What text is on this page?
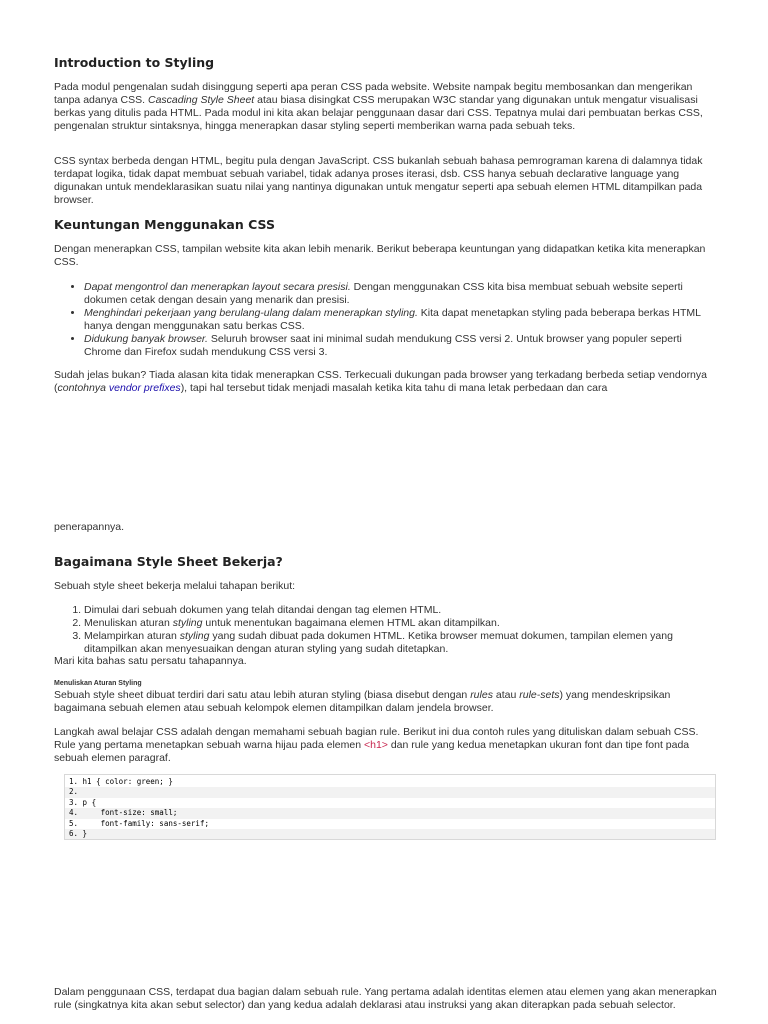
Introduction to Styling

Pada modul pengenalan sudah disinggung seperti apa peran CSS pada website. Website nampak begitu membosankan dan mengerikan tanpa adanya CSS. Cascading Style Sheet atau biasa disingkat CSS merupakan W3C standar yang digunakan untuk mengatur visualisasi berkas yang ditulis pada HTML. Pada modul ini kita akan belajar penggunaan dasar dari CSS. Tepatnya mulai dari pembuatan berkas CSS, pengenalan struktur sintaksnya, hingga menerapkan dasar styling seperti memberikan warna pada sebuah teks.

CSS syntax berbeda dengan HTML, begitu pula dengan JavaScript. CSS bukanlah sebuah bahasa pemrograman karena di dalamnya tidak terdapat logika, tidak dapat membuat sebuah variabel, tidak adanya proses iterasi, dsb. CSS hanya sebuah declarative language yang digunakan untuk mendeklarasikan suatu nilai yang nantinya digunakan untuk mengatur seperti apa sebuah elemen HTML ditampilkan pada browser.

Keuntungan Menggunakan CSS

Dengan menerapkan CSS, tampilan website kita akan lebih menarik. Berikut beberapa keuntungan yang didapatkan ketika kita menerapkan CSS.

• Dapat mengontrol dan menerapkan layout secara presisi. Dengan menggunakan CSS kita bisa membuat sebuah website seperti dokumen cetak dengan desain yang menarik dan presisi.
• Menghindari pekerjaan yang berulang-ulang dalam menerapkan styling. Kita dapat menetapkan styling pada beberapa berkas HTML hanya dengan menggunakan satu berkas CSS.
• Didukung banyak browser. Seluruh browser saat ini minimal sudah mendukung CSS versi 2. Untuk browser yang populer seperti Chrome dan Firefox sudah mendukung CSS versi 3.

Sudah jelas bukan? Tiada alasan kita tidak menerapkan CSS. Terkecuali dukungan pada browser yang terkadang berbeda setiap vendornya (contohnya vendor prefixes), tapi hal tersebut tidak menjadi masalah ketika kita tahu di mana letak perbedaan dan cara

penerapannya.

Bagaimana Style Sheet Bekerja?

Sebuah style sheet bekerja melalui tahapan berikut:

1. Dimulai dari sebuah dokumen yang telah ditandai dengan tag elemen HTML.
2. Menuliskan aturan styling untuk menentukan bagaimana elemen HTML akan ditampilkan.
3. Melampirkan aturan styling yang sudah dibuat pada dokumen HTML. Ketika browser memuat dokumen, tampilan elemen yang ditampilkan akan menyesuaikan dengan aturan styling yang sudah ditetapkan.

Mari kita bahas satu persatu tahapannya.

Menuliskan Aturan Styling

Sebuah style sheet dibuat terdiri dari satu atau lebih aturan styling (biasa disebut dengan rules atau rule-sets) yang mendeskripsikan bagaimana sebuah elemen atau sebuah kelompok elemen ditampilkan dalam jendela browser.

Langkah awal belajar CSS adalah dengan memahami sebuah bagian rule. Berikut ini dua contoh rules yang dituliskan dalam sebuah CSS. Rule yang pertama menetapkan sebuah warna hijau pada elemen <h1> dan rule yang kedua menetapkan ukuran font dan tipe font pada sebuah elemen paragraf.

1. h1 { color: green; }
2.
3. p {
4.     font-size: small;
5.     font-family: sans-serif;
6. }

Dalam penggunaan CSS, terdapat dua bagian dalam sebuah rule. Yang pertama adalah identitas elemen atau elemen yang akan menerapkan rule (singkatnya kita akan sebut selector) dan yang kedua adalah deklarasi atau instruksi yang akan diterapkan pada sebuah selector.
